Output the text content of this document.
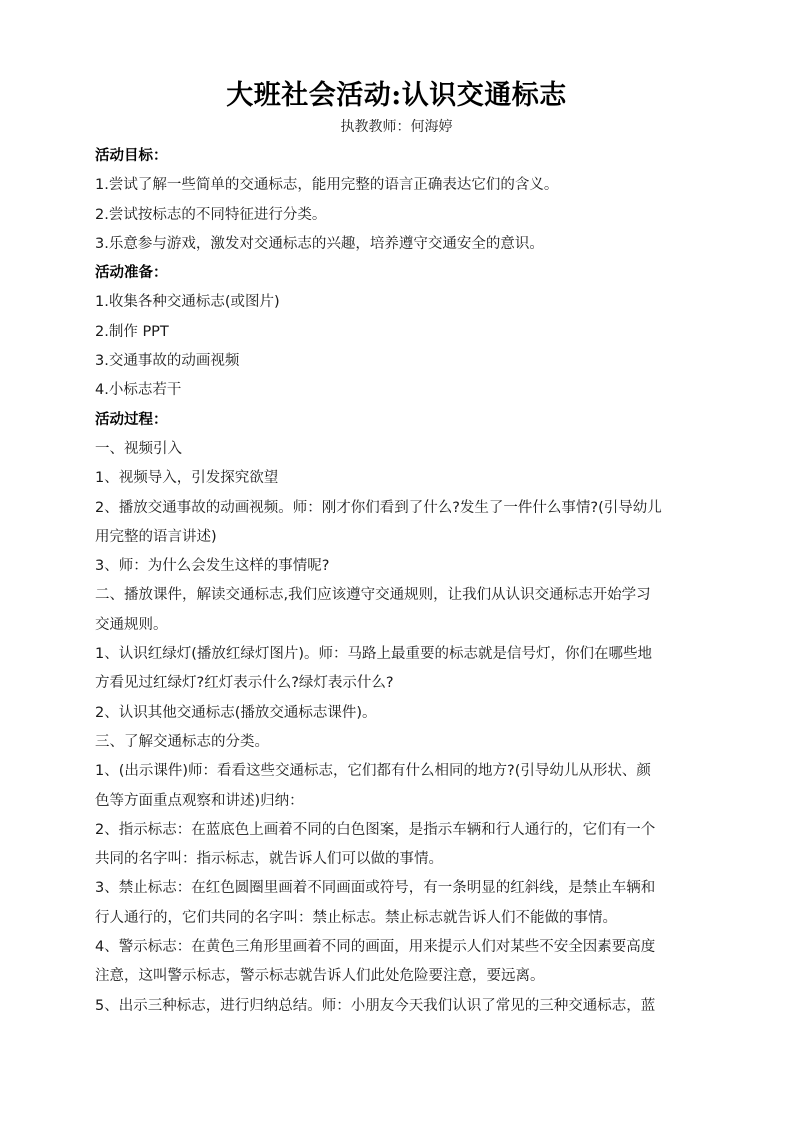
大班社会活动:认识交通标志
执教教师：何海婷
活动目标：
1.尝试了解一些简单的交通标志，能用完整的语言正确表达它们的含义。
2.尝试按标志的不同特征进行分类。
3.乐意参与游戏，激发对交通标志的兴趣，培养遵守交通安全的意识。
活动准备：
1.收集各种交通标志(或图片)
2.制作 PPT
3.交通事故的动画视频
4.小标志若干
活动过程：
一、视频引入
1、视频导入，引发探究欲望
2、播放交通事故的动画视频。师：刚才你们看到了什么?发生了一件什么事情?(引导幼儿
用完整的语言讲述)
3、师：为什么会发生这样的事情呢?
二、播放课件，解读交通标志,我们应该遵守交通规则，让我们从认识交通标志开始学习
交通规则。
1、认识红绿灯(播放红绿灯图片)。师：马路上最重要的标志就是信号灯，你们在哪些地
方看见过红绿灯?红灯表示什么?绿灯表示什么?
2、认识其他交通标志(播放交通标志课件)。
三、了解交通标志的分类。
1、(出示课件)师：看看这些交通标志，它们都有什么相同的地方?(引导幼儿从形状、颜
色等方面重点观察和讲述)归纳：
2、指示标志：在蓝底色上画着不同的白色图案，是指示车辆和行人通行的，它们有一个
共同的名字叫：指示标志，就告诉人们可以做的事情。
3、禁止标志：在红色圆圈里画着不同画面或符号，有一条明显的红斜线，是禁止车辆和
行人通行的，它们共同的名字叫：禁止标志。禁止标志就告诉人们不能做的事情。
4、警示标志：在黄色三角形里画着不同的画面，用来提示人们对某些不安全因素要高度
注意，这叫警示标志，警示标志就告诉人们此处危险要注意，要远离。
5、出示三种标志，进行归纳总结。师：小朋友今天我们认识了常见的三种交通标志，蓝
